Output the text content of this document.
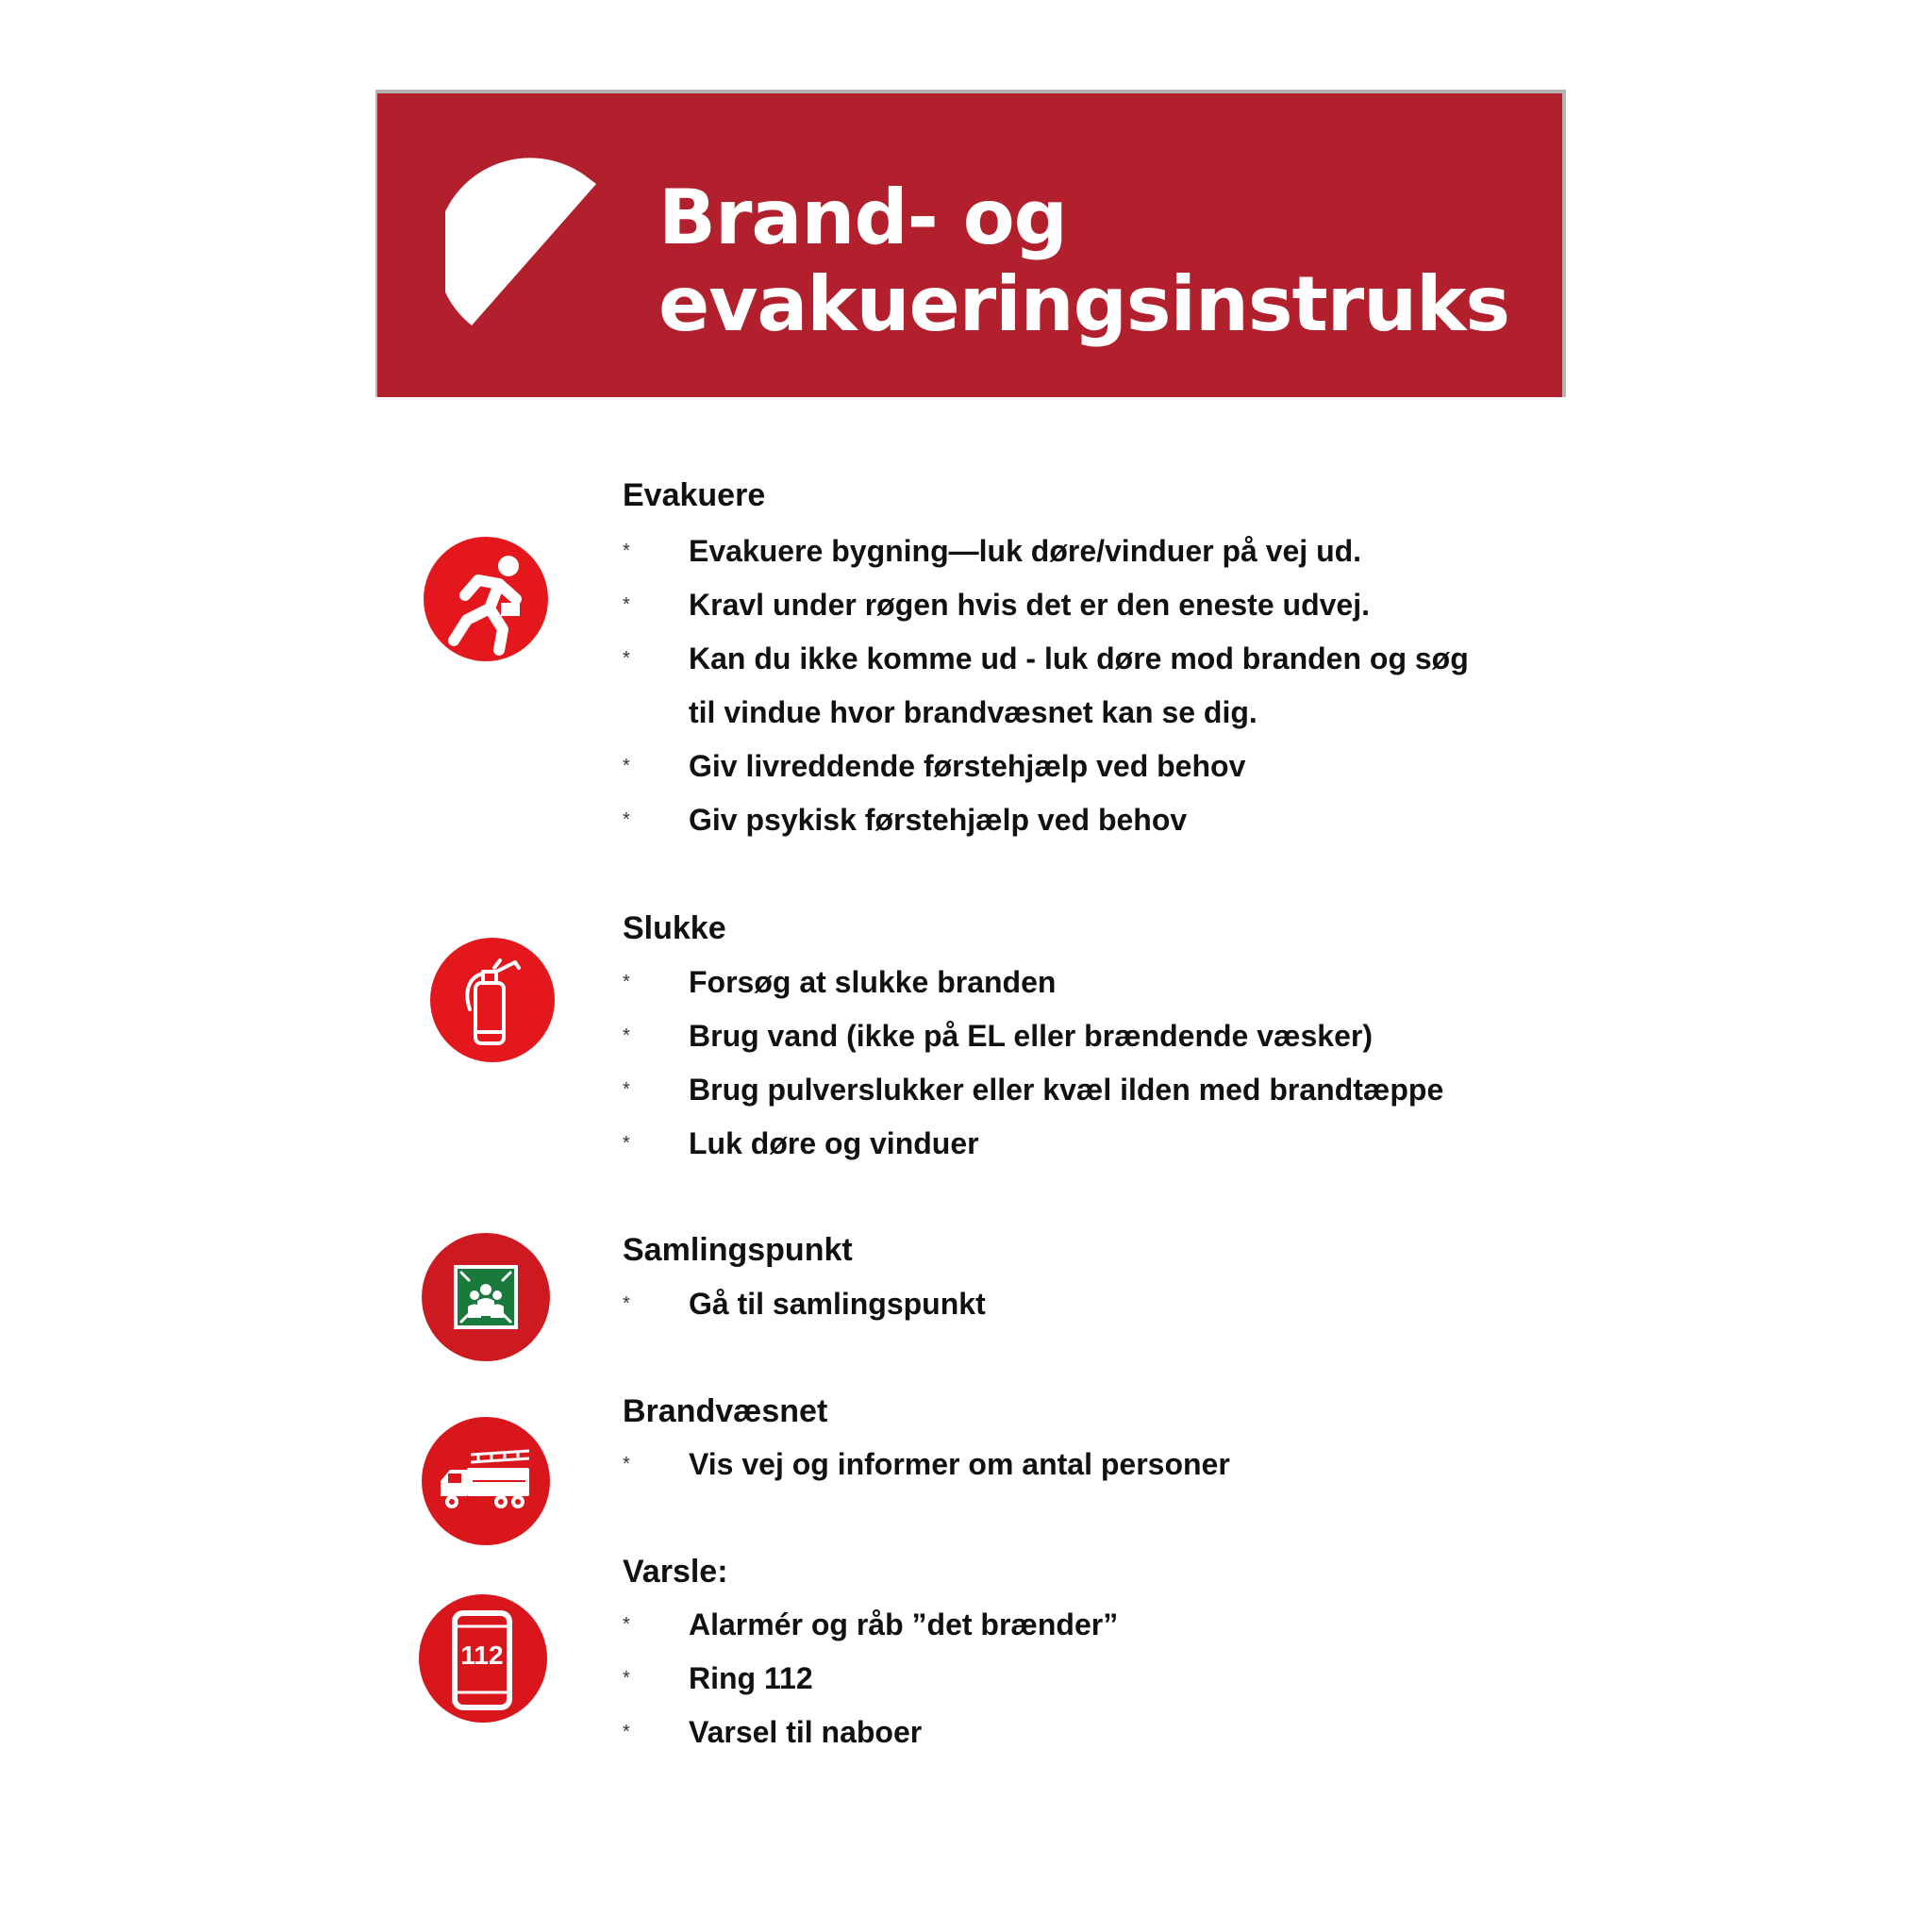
Brand- og
evakueringsinstruks
Evakuere
*	Evakuere bygning—luk døre/vinduer på vej ud.
*	Kravl under røgen hvis det er den eneste udvej.
*	Kan du ikke komme ud - luk døre mod branden og søg til vindue hvor brandvæsnet kan se dig.
*	Giv livreddende førstehjælp ved behov
*	Giv psykisk førstehjælp ved behov
Slukke
*	Forsøg at slukke branden
*	Brug vand (ikke på EL eller brændende væsker)
*	Brug pulverslukker eller kvæl ilden med brandtæppe
*	Luk døre og vinduer
Samlingspunkt
*	Gå til samlingspunkt
Brandvæsnet
*	Vis vej og informer om antal personer
112
Varsle:
*	Alarmér og råb ”det brænder”
*	Ring 112
*	Varsel til naboer
